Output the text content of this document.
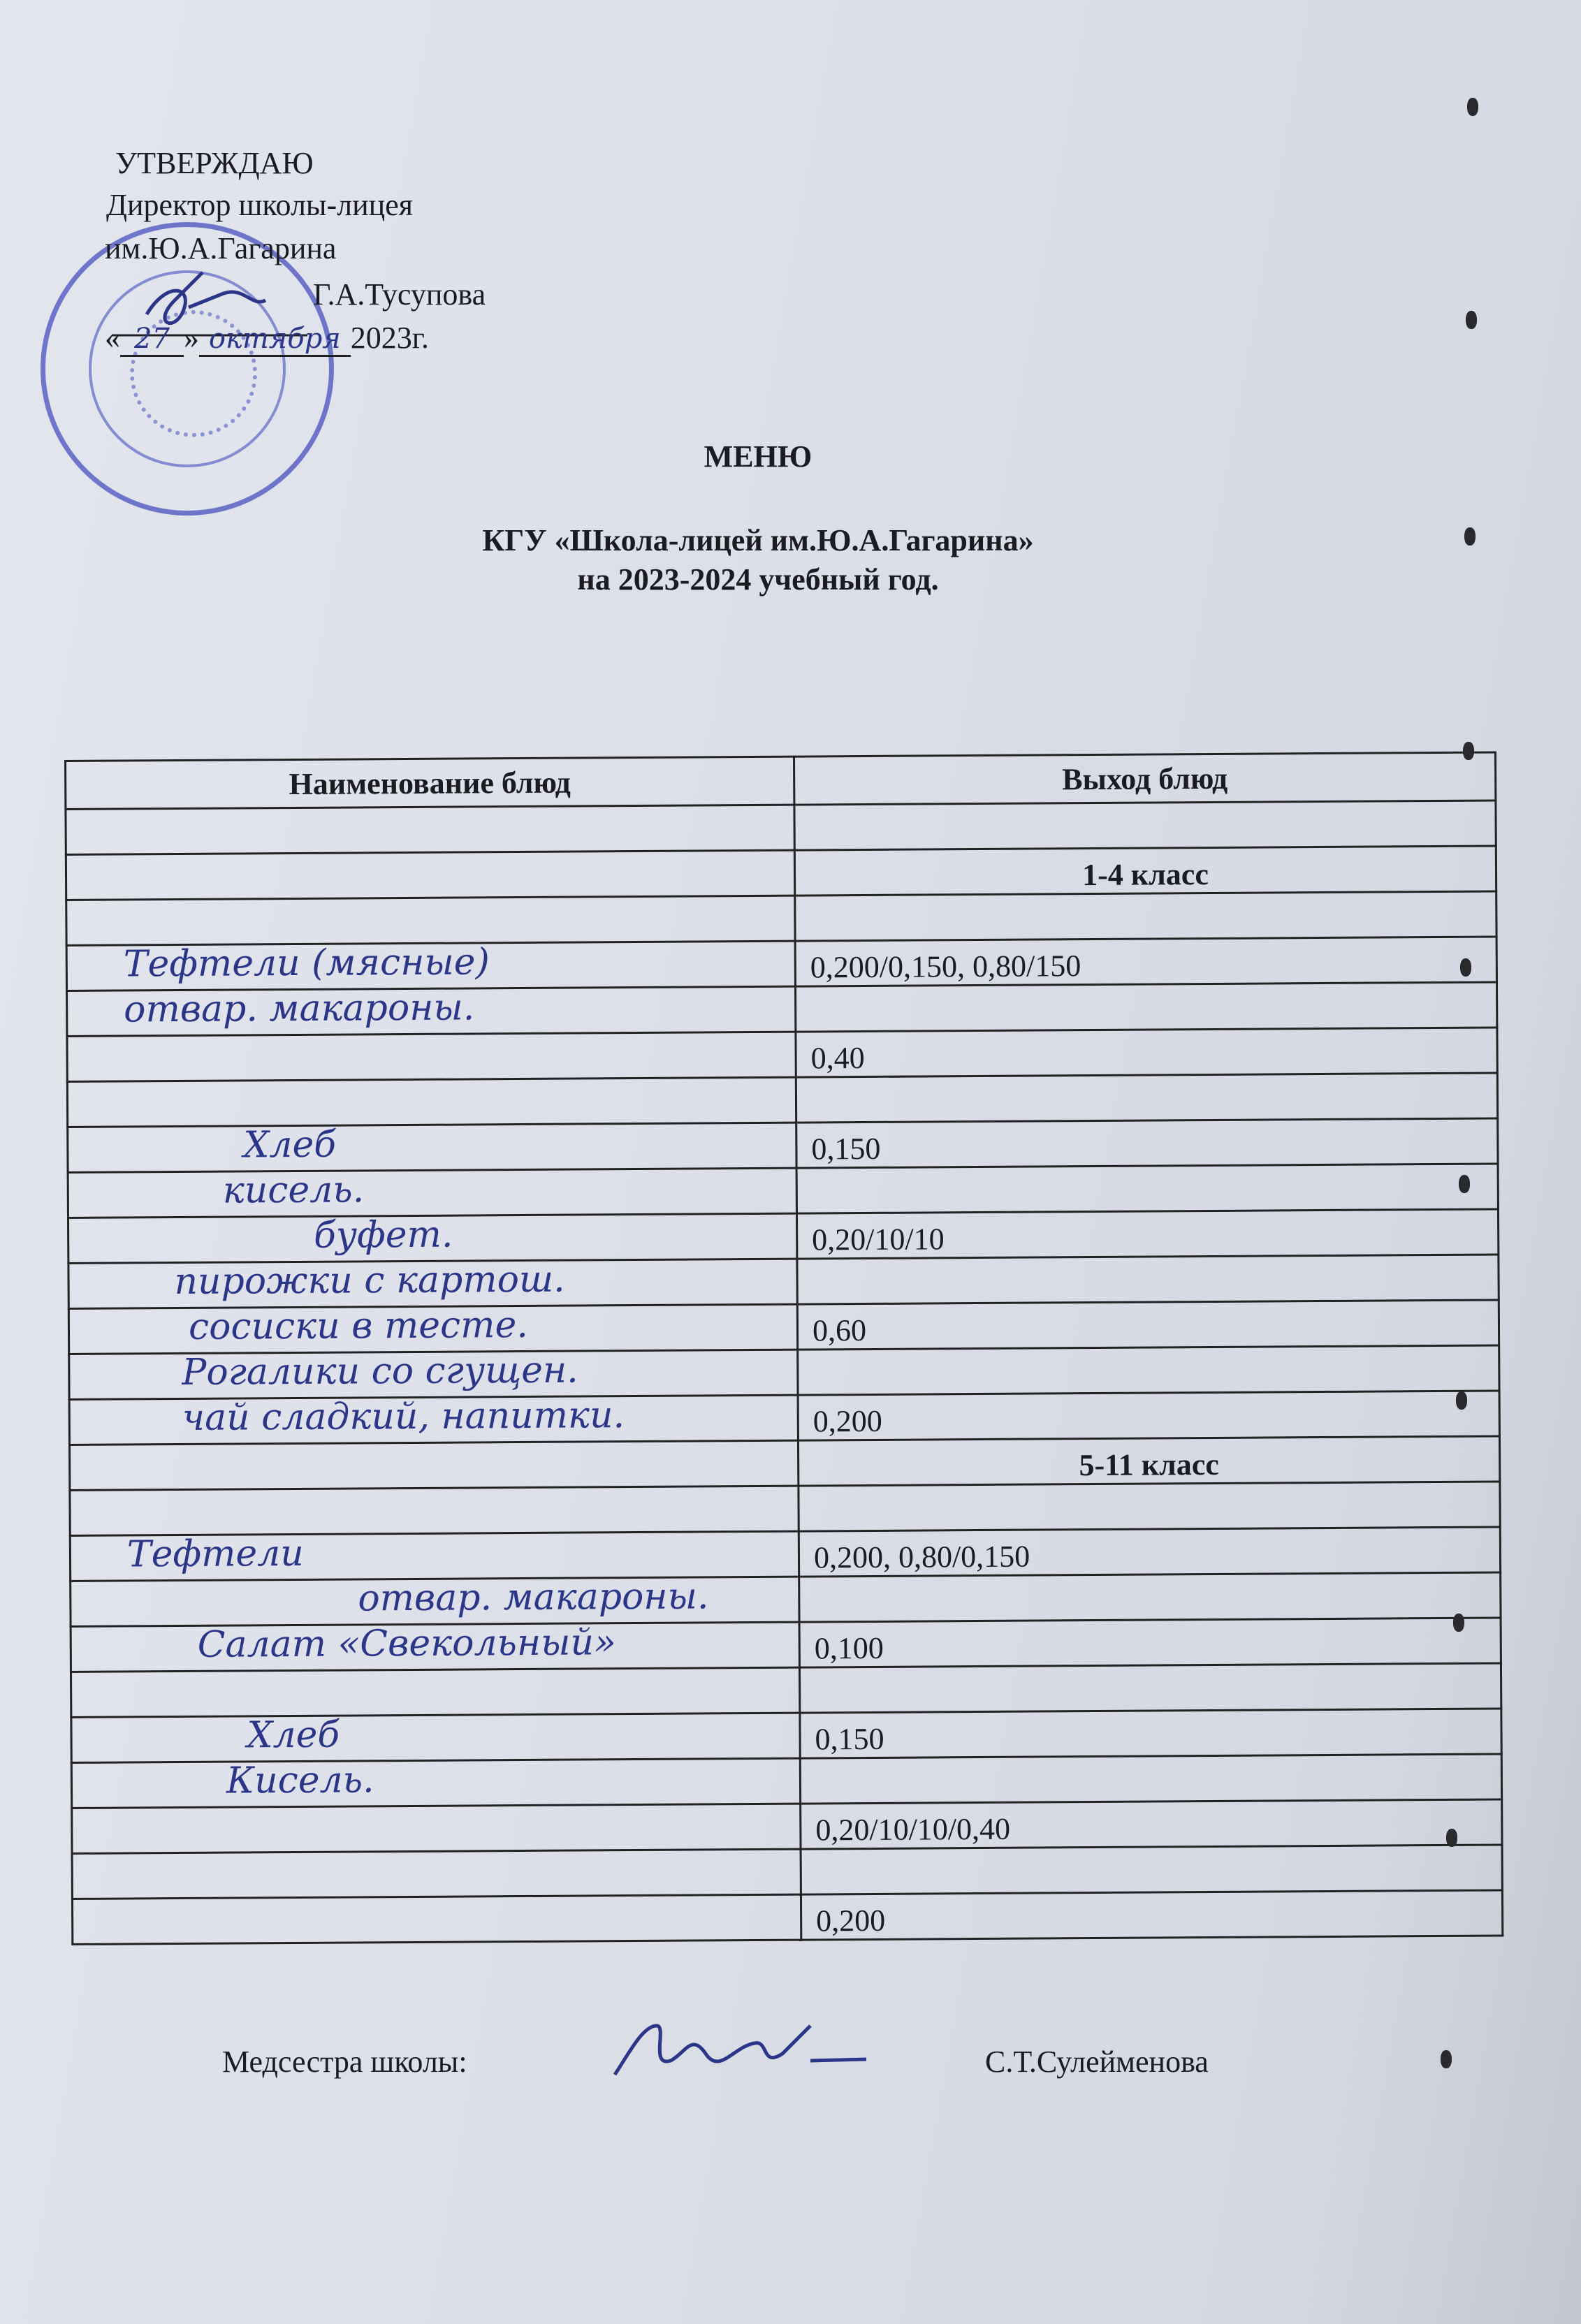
УТВЕРЖДАЮ
Директор школы-лицея
им.Ю.А.Гагарина
Г.А.Тусупова
« 27 » октября 2023г.
МЕНЮ
КГУ «Школа-лицей им.Ю.А.Гагарина»
на 2023-2024 учебный год.
Наименование блюд	Выход блюд

	1-4 класс

Тефтели (мясные)	0,200/0,150, 0,80/150
отвар. макароны.	
	0,40

Хлеб	0,150
кисель.	
буфет.	0,20/10/10
пирожки с картош.	
сосиски в тесте.	0,60
Рогалики со сгущен.	
чай сладкий, напитки.	0,200
	5-11 класс

Тефтели	0,200, 0,80/0,150
отвар. макароны.	
Салат «Свекольный»	0,100

Хлеб	0,150
Кисель.	
	0,20/10/10/0,40

	0,200
Медсестра школы:	С.Т.Сулейменова
